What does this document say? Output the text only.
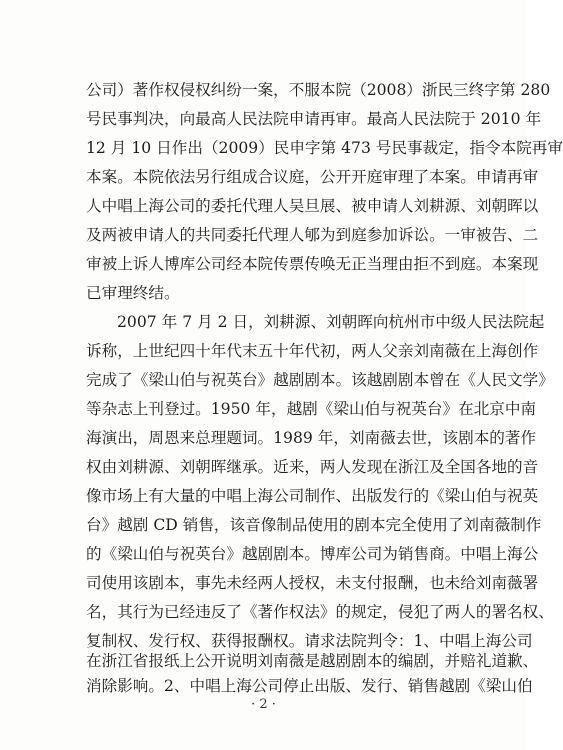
公司）著作权侵权纠纷一案，不服本院（2008）浙民三终字第 280
号民事判决，向最高人民法院申请再审。最高人民法院于 2010 年
12 月 10 日作出（2009）民申字第 473 号民事裁定，指令本院再审
本案。本院依法另行组成合议庭，公开开庭审理了本案。申请再审
人中唱上海公司的委托代理人吴旦展、被申请人刘耕源、刘朝晖以
及两被申请人的共同委托代理人郇为到庭参加诉讼。一审被告、二
审被上诉人博库公司经本院传票传唤无正当理由拒不到庭。本案现
已审理终结。
2007 年 7 月 2 日，刘耕源、刘朝晖向杭州市中级人民法院起
诉称，上世纪四十年代末五十年代初，两人父亲刘南薇在上海创作
完成了《梁山伯与祝英台》越剧剧本。该越剧剧本曾在《人民文学》
等杂志上刊登过。1950 年，越剧《梁山伯与祝英台》在北京中南
海演出，周恩来总理题词。1989 年，刘南薇去世，该剧本的著作
权由刘耕源、刘朝晖继承。近来，两人发现在浙江及全国各地的音
像市场上有大量的中唱上海公司制作、出版发行的《梁山伯与祝英
台》越剧 CD 销售，该音像制品使用的剧本完全使用了刘南薇制作
的《梁山伯与祝英台》越剧剧本。博库公司为销售商。中唱上海公
司使用该剧本，事先未经两人授权，未支付报酬，也未给刘南薇署
名，其行为已经违反了《著作权法》的规定，侵犯了两人的署名权、
复制权、发行权、获得报酬权。请求法院判令：1、中唱上海公司
在浙江省报纸上公开说明刘南薇是越剧剧本的编剧，并赔礼道歉、
· 2 ·
消除影响。2、中唱上海公司停止出版、发行、销售越剧《梁山伯
